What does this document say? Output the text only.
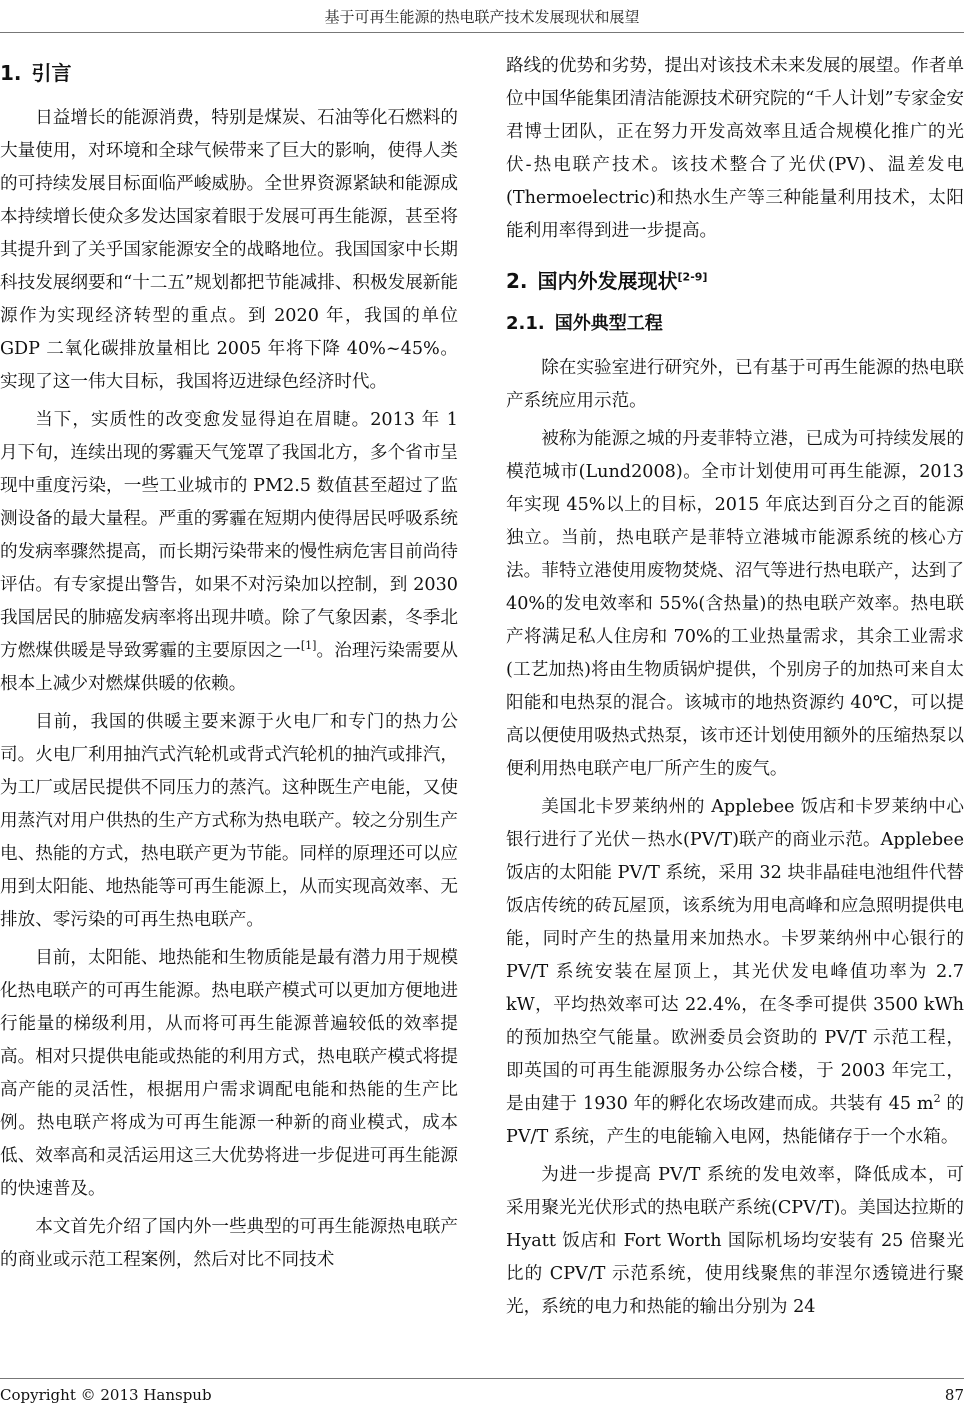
基于可再生能源的热电联产技术发展现状和展望
1. 引言

日益增长的能源消费，特别是煤炭、石油等化石燃料的大量使用，对环境和全球气候带来了巨大的影响，使得人类的可持续发展目标面临严峻威胁。全世界资源紧缺和能源成本持续增长使众多发达国家着眼于发展可再生能源，甚至将其提升到了关乎国家能源安全的战略地位。我国国家中长期科技发展纲要和“十二五”规划都把节能减排、积极发展新能源作为实现经济转型的重点。到 2020 年，我国的单位 GDP 二氧化碳排放量相比 2005 年将下降 40%~45%。实现了这一伟大目标，我国将迈进绿色经济时代。

当下，实质性的改变愈发显得迫在眉睫。2013 年 1 月下旬，连续出现的雾霾天气笼罩了我国北方，多个省市呈现中重度污染，一些工业城市的 PM2.5 数值甚至超过了监测设备的最大量程。严重的雾霾在短期内使得居民呼吸系统的发病率骤然提高，而长期污染带来的慢性病危害目前尚待评估。有专家提出警告，如果不对污染加以控制，到 2030 我国居民的肺癌发病率将出现井喷。除了气象因素，冬季北方燃煤供暖是导致雾霾的主要原因之一[1]。治理污染需要从根本上减少对燃煤供暖的依赖。

目前，我国的供暖主要来源于火电厂和专门的热力公司。火电厂利用抽汽式汽轮机或背式汽轮机的抽汽或排汽，为工厂或居民提供不同压力的蒸汽。这种既生产电能，又使用蒸汽对用户供热的生产方式称为热电联产。较之分别生产电、热能的方式，热电联产更为节能。同样的原理还可以应用到太阳能、地热能等可再生能源上，从而实现高效率、无排放、零污染的可再生热电联产。

目前，太阳能、地热能和生物质能是最有潜力用于规模化热电联产的可再生能源。热电联产模式可以更加方便地进行能量的梯级利用，从而将可再生能源普遍较低的效率提高。相对只提供电能或热能的利用方式，热电联产模式将提高产能的灵活性，根据用户需求调配电能和热能的生产比例。热电联产将成为可再生能源一种新的商业模式，成本低、效率高和灵活运用这三大优势将进一步促进可再生能源的快速普及。

本文首先介绍了国内外一些典型的可再生能源热电联产的商业或示范工程案例，然后对比不同技术

路线的优势和劣势，提出对该技术未来发展的展望。作者单位中国华能集团清洁能源技术研究院的“千人计划”专家金安君博士团队，正在努力开发高效率且适合规模化推广的光伏-热电联产技术。该技术整合了光伏(PV)、温差发电(Thermoelectric)和热水生产等三种能量利用技术，太阳能利用率得到进一步提高。

2. 国内外发展现状[2-9]
2.1. 国外典型工程

除在实验室进行研究外，已有基于可再生能源的热电联产系统应用示范。

被称为能源之城的丹麦菲特立港，已成为可持续发展的模范城市(Lund2008)。全市计划使用可再生能源，2013 年实现 45%以上的目标，2015 年底达到百分之百的能源独立。当前，热电联产是菲特立港城市能源系统的核心方法。菲特立港使用废物焚烧、沼气等进行热电联产，达到了 40%的发电效率和 55%(含热量)的热电联产效率。热电联产将满足私人住房和 70%的工业热量需求，其余工业需求(工艺加热)将由生物质锅炉提供，个别房子的加热可来自太阳能和电热泵的混合。该城市的地热资源约 40℃，可以提高以便使用吸热式热泵，该市还计划使用额外的压缩热泵以便利用热电联产电厂所产生的废气。

美国北卡罗莱纳州的 Applebee 饭店和卡罗莱纳中心银行进行了光伏－热水(PV/T)联产的商业示范。Applebee 饭店的太阳能 PV/T 系统，采用 32 块非晶硅电池组件代替饭店传统的砖瓦屋顶，该系统为用电高峰和应急照明提供电能，同时产生的热量用来加热水。卡罗莱纳州中心银行的 PV/T 系统安装在屋顶上，其光伏发电峰值功率为 2.7 kW，平均热效率可达 22.4%，在冬季可提供 3500 kWh 的预加热空气能量。欧洲委员会资助的 PV/T 示范工程，即英国的可再生能源服务办公综合楼，于 2003 年完工，是由建于 1930 年的孵化农场改建而成。共装有 45 $m^2$ 的 PV/T 系统，产生的电能输入电网，热能储存于一个水箱。

为进一步提高 PV/T 系统的发电效率，降低成本，可采用聚光光伏形式的热电联产系统(CPV/T)。美国达拉斯的 Hyatt 饭店和 Fort Worth 国际机场均安装有 25 倍聚光比的 CPV/T 示范系统，使用线聚焦的菲涅尔透镜进行聚光，系统的电力和热能的输出分别为 24

Copyright © 2013 Hanspub	87
